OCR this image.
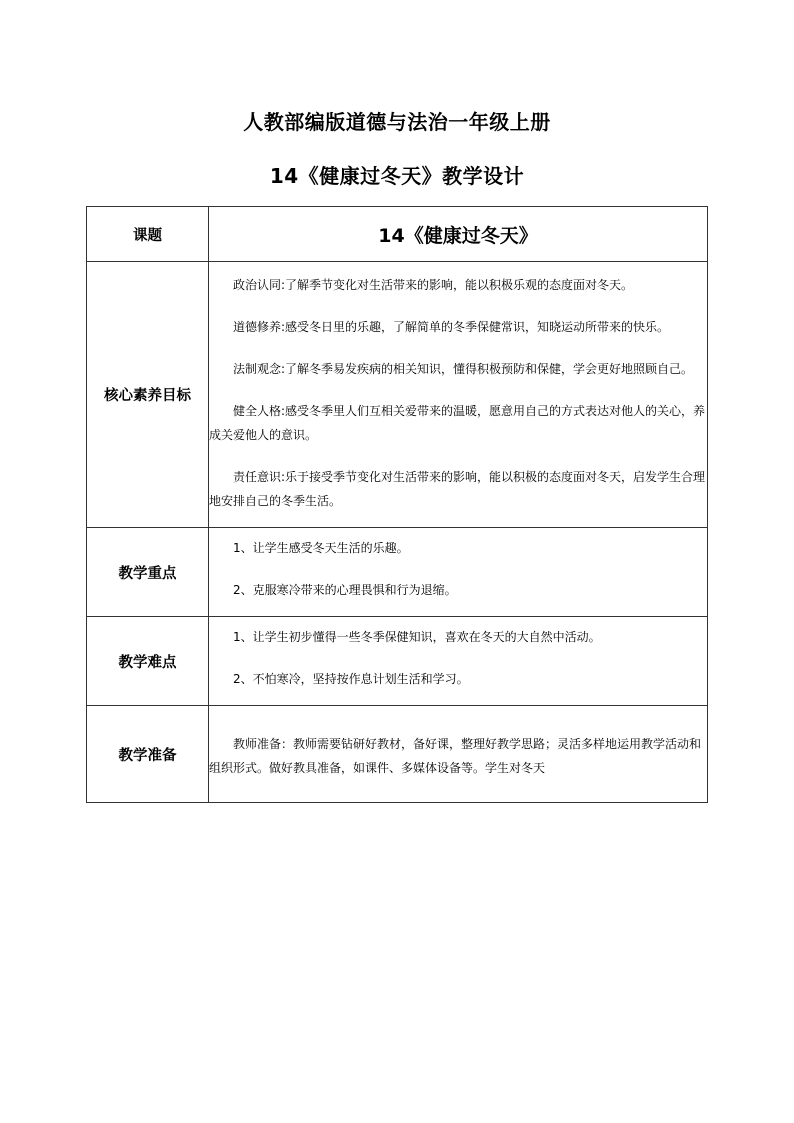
人教部编版道德与法治一年级上册
14《健康过冬天》教学设计
课题	14《健康过冬天》
核心素养目标	政治认同:了解季节变化对生活带来的影响，能以积极乐观的态度面对冬天。

道德修养:感受冬日里的乐趣，了解简单的冬季保健常识，知晓运动所带来的快乐。

法制观念:了解冬季易发疾病的相关知识，懂得积极预防和保健，学会更好地照顾自己。

健全人格:感受冬季里人们互相关爱带来的温暖，愿意用自己的方式表达对他人的关心，养成关爱他人的意识。

责任意识:乐于接受季节变化对生活带来的影响，能以积极的态度面对冬天，启发学生合理地安排自己的冬季生活。

教学重点	1、让学生感受冬天生活的乐趣。

2、克服寒冷带来的心理畏惧和行为退缩。

教学难点	1、让学生初步懂得一些冬季保健知识，喜欢在冬天的大自然中活动。

2、不怕寒冷，坚持按作息计划生活和学习。

教学准备	教师准备：教师需要钻研好教材，备好课，整理好教学思路；灵活多样地运用教学活动和组织形式。做好教具准备，如课件、多媒体设备等。学生对冬天
